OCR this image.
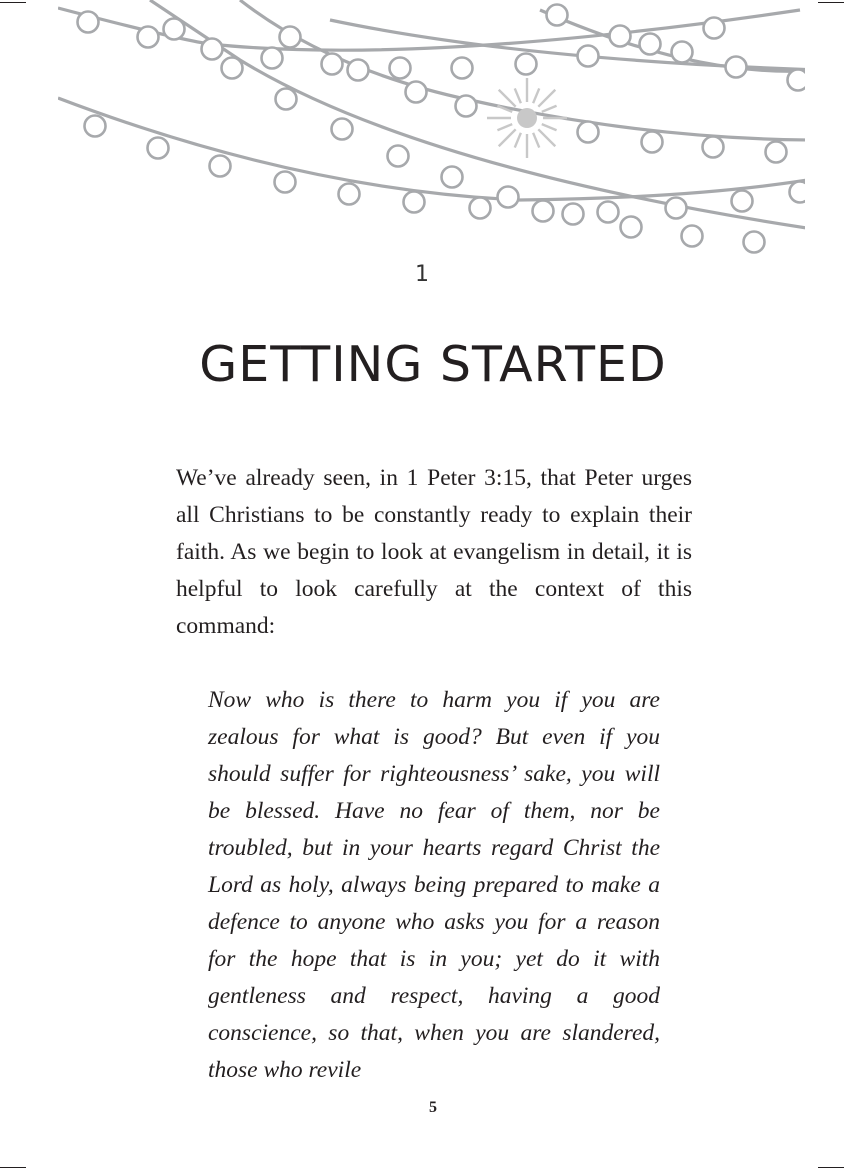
1
GETTING STARTED

We’ve already seen, in 1 Peter 3:15, that Peter urges all Christians to be constantly ready to explain their faith. As we begin to look at evangelism in detail, it is helpful to look carefully at the context of this command:

Now who is there to harm you if you are zealous for what is good? But even if you should suffer for righteousness’ sake, you will be blessed. Have no fear of them, nor be troubled, but in your hearts regard Christ the Lord as holy, always being prepared to make a defence to anyone who asks you for a reason for the hope that is in you; yet do it with gentleness and respect, having a good conscience, so that, when you are slandered, those who revile

5
